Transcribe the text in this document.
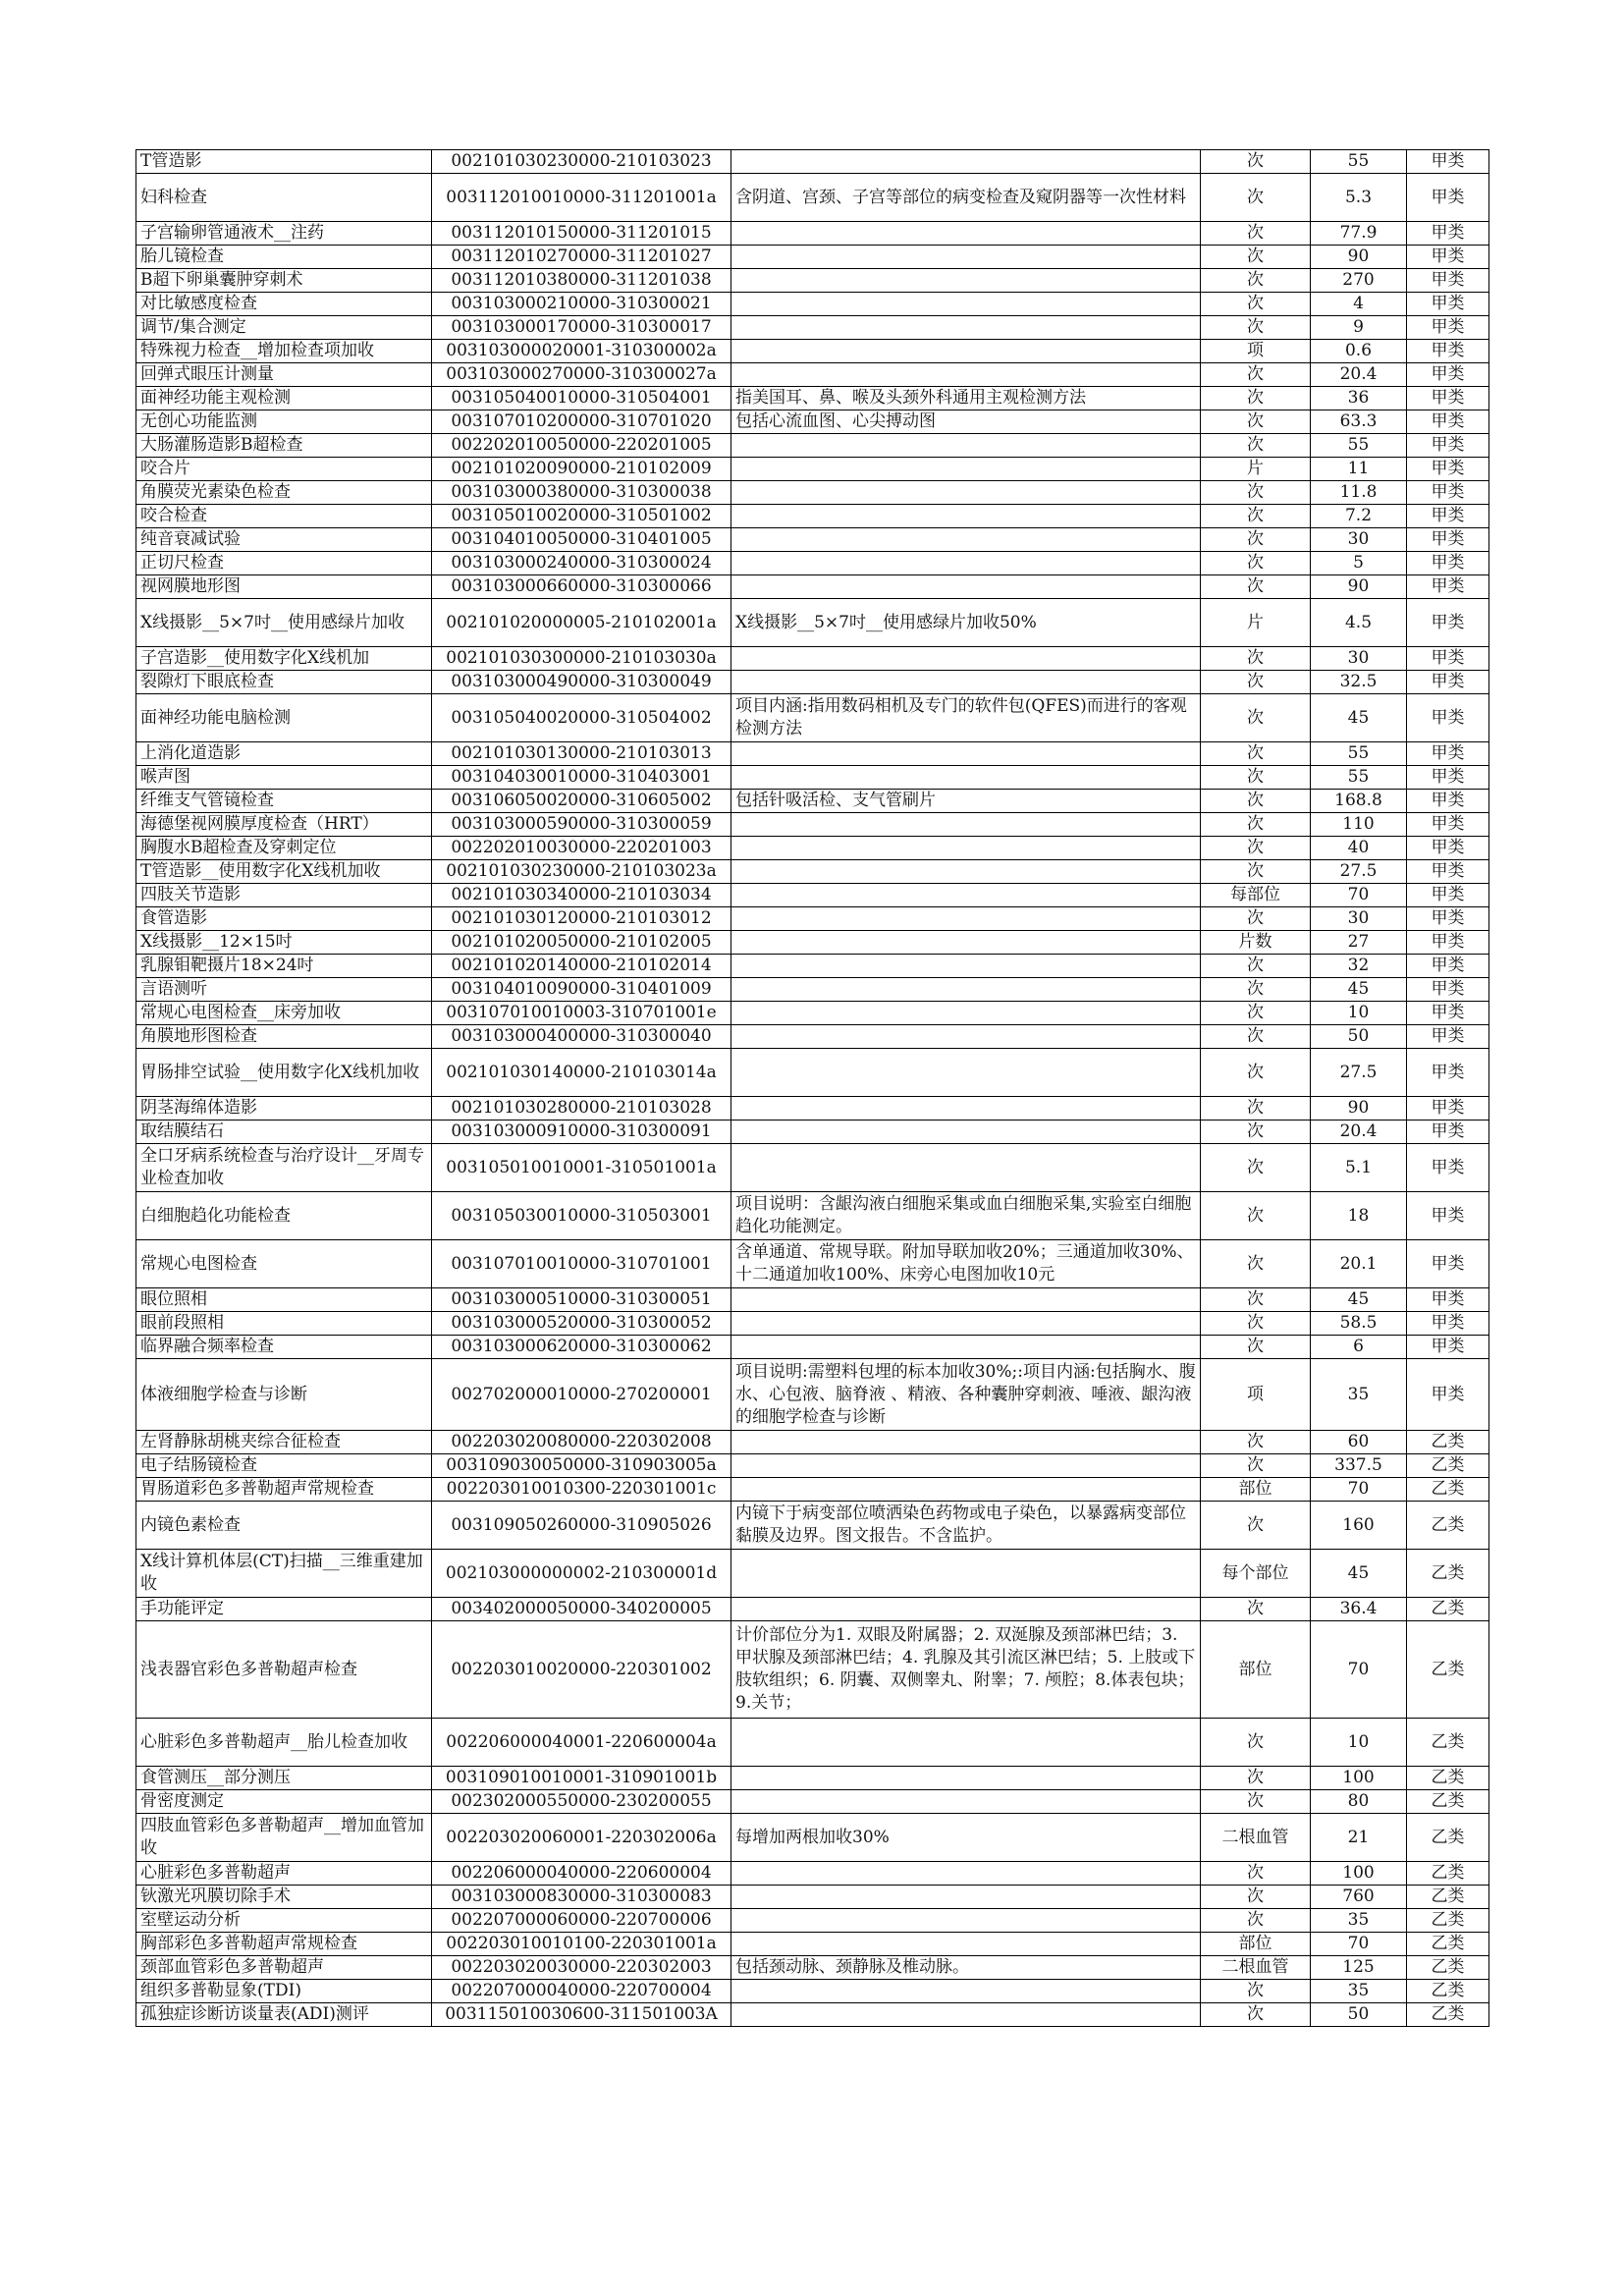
T管造影	002101030230000-210103023		次	55	甲类
妇科检查	003112010010000-311201001a	含阴道、宫颈、子宫等部位的病变检查及窥阴器等一次性材料	次	5.3	甲类
子宫输卵管通液术__注药	003112010150000-311201015		次	77.9	甲类
胎儿镜检查	003112010270000-311201027		次	90	甲类
B超下卵巢囊肿穿刺术	003112010380000-311201038		次	270	甲类
对比敏感度检查	003103000210000-310300021		次	4	甲类
调节/集合测定	003103000170000-310300017		次	9	甲类
特殊视力检查__增加检查项加收	003103000020001-310300002a		项	0.6	甲类
回弹式眼压计测量	003103000270000-310300027a		次	20.4	甲类
面神经功能主观检测	003105040010000-310504001	指美国耳、鼻、喉及头颈外科通用主观检测方法	次	36	甲类
无创心功能监测	003107010200000-310701020	包括心流血图、心尖搏动图	次	63.3	甲类
大肠灌肠造影B超检查	002202010050000-220201005		次	55	甲类
咬合片	002101020090000-210102009		片	11	甲类
角膜荧光素染色检查	003103000380000-310300038		次	11.8	甲类
咬合检查	003105010020000-310501002		次	7.2	甲类
纯音衰减试验	003104010050000-310401005		次	30	甲类
正切尺检查	003103000240000-310300024		次	5	甲类
视网膜地形图	003103000660000-310300066		次	90	甲类
X线摄影__5×7吋__使用感绿片加收	002101020000005-210102001a	X线摄影__5×7吋__使用感绿片加收50%	片	4.5	甲类
子宫造影__使用数字化X线机加	002101030300000-210103030a		次	30	甲类
裂隙灯下眼底检查	003103000490000-310300049		次	32.5	甲类
面神经功能电脑检测	003105040020000-310504002	项目内涵:指用数码相机及专门的软件包(QFES)而进行的客观检测方法	次	45	甲类
上消化道造影	002101030130000-210103013		次	55	甲类
喉声图	003104030010000-310403001		次	55	甲类
纤维支气管镜检查	003106050020000-310605002	包括针吸活检、支气管刷片	次	168.8	甲类
海德堡视网膜厚度检查（HRT）	003103000590000-310300059		次	110	甲类
胸腹水B超检查及穿刺定位	002202010030000-220201003		次	40	甲类
T管造影__使用数字化X线机加收	002101030230000-210103023a		次	27.5	甲类
四肢关节造影	002101030340000-210103034		每部位	70	甲类
食管造影	002101030120000-210103012		次	30	甲类
X线摄影__12×15吋	002101020050000-210102005		片数	27	甲类
乳腺钼靶摄片18×24吋	002101020140000-210102014		次	32	甲类
言语测听	003104010090000-310401009		次	45	甲类
常规心电图检查__床旁加收	003107010010003-310701001e		次	10	甲类
角膜地形图检查	003103000400000-310300040		次	50	甲类
胃肠排空试验__使用数字化X线机加收	002101030140000-210103014a		次	27.5	甲类
阴茎海绵体造影	002101030280000-210103028		次	90	甲类
取结膜结石	003103000910000-310300091		次	20.4	甲类
全口牙病系统检查与治疗设计__牙周专业检查加收	003105010010001-310501001a		次	5.1	甲类
白细胞趋化功能检查	003105030010000-310503001	项目说明：含龈沟液白细胞采集或血白细胞采集,实验室白细胞趋化功能测定。	次	18	甲类
常规心电图检查	003107010010000-310701001	含单通道、常规导联。附加导联加收20%；三通道加收30%、十二通道加收100%、床旁心电图加收10元	次	20.1	甲类
眼位照相	003103000510000-310300051		次	45	甲类
眼前段照相	003103000520000-310300052		次	58.5	甲类
临界融合频率检查	003103000620000-310300062		次	6	甲类
体液细胞学检查与诊断	002702000010000-270200001	项目说明:需塑料包埋的标本加收30%;:项目内涵:包括胸水、腹水、心包液、脑脊液 、精液、各种囊肿穿刺液、唾液、龈沟液的细胞学检查与诊断	项	35	甲类
左肾静脉胡桃夹综合征检查	002203020080000-220302008		次	60	乙类
电子结肠镜检查	003109030050000-310903005a		次	337.5	乙类
胃肠道彩色多普勒超声常规检查	002203010010300-220301001c		部位	70	乙类
内镜色素检查	003109050260000-310905026	内镜下于病变部位喷洒染色药物或电子染色，以暴露病变部位黏膜及边界。图文报告。不含监护。	次	160	乙类
X线计算机体层(CT)扫描__三维重建加收	002103000000002-210300001d		每个部位	45	乙类
手功能评定	003402000050000-340200005		次	36.4	乙类
浅表器官彩色多普勒超声检查	002203010020000-220301002	计价部位分为1. 双眼及附属器；2. 双涎腺及颈部淋巴结；3. 甲状腺及颈部淋巴结；4. 乳腺及其引流区淋巴结；5. 上肢或下肢软组织；6. 阴囊、双侧睾丸、附睾；7. 颅腔；8.体表包块； 9.关节；	部位	70	乙类
心脏彩色多普勒超声__胎儿检查加收	002206000040001-220600004a		次	10	乙类
食管测压__部分测压	003109010010001-310901001b		次	100	乙类
骨密度测定	002302000550000-230200055		次	80	乙类
四肢血管彩色多普勒超声__增加血管加收	002203020060001-220302006a	每增加两根加收30%	二根血管	21	乙类
心脏彩色多普勒超声	002206000040000-220600004		次	100	乙类
钬激光巩膜切除手术	003103000830000-310300083		次	760	乙类
室壁运动分析	002207000060000-220700006		次	35	乙类
胸部彩色多普勒超声常规检查	002203010010100-220301001a		部位	70	乙类
颈部血管彩色多普勒超声	002203020030000-220302003	包括颈动脉、颈静脉及椎动脉。	二根血管	125	乙类
组织多普勒显象(TDI)	002207000040000-220700004		次	35	乙类
孤独症诊断访谈量表(ADI)测评	003115010030600-311501003A		次	50	乙类
